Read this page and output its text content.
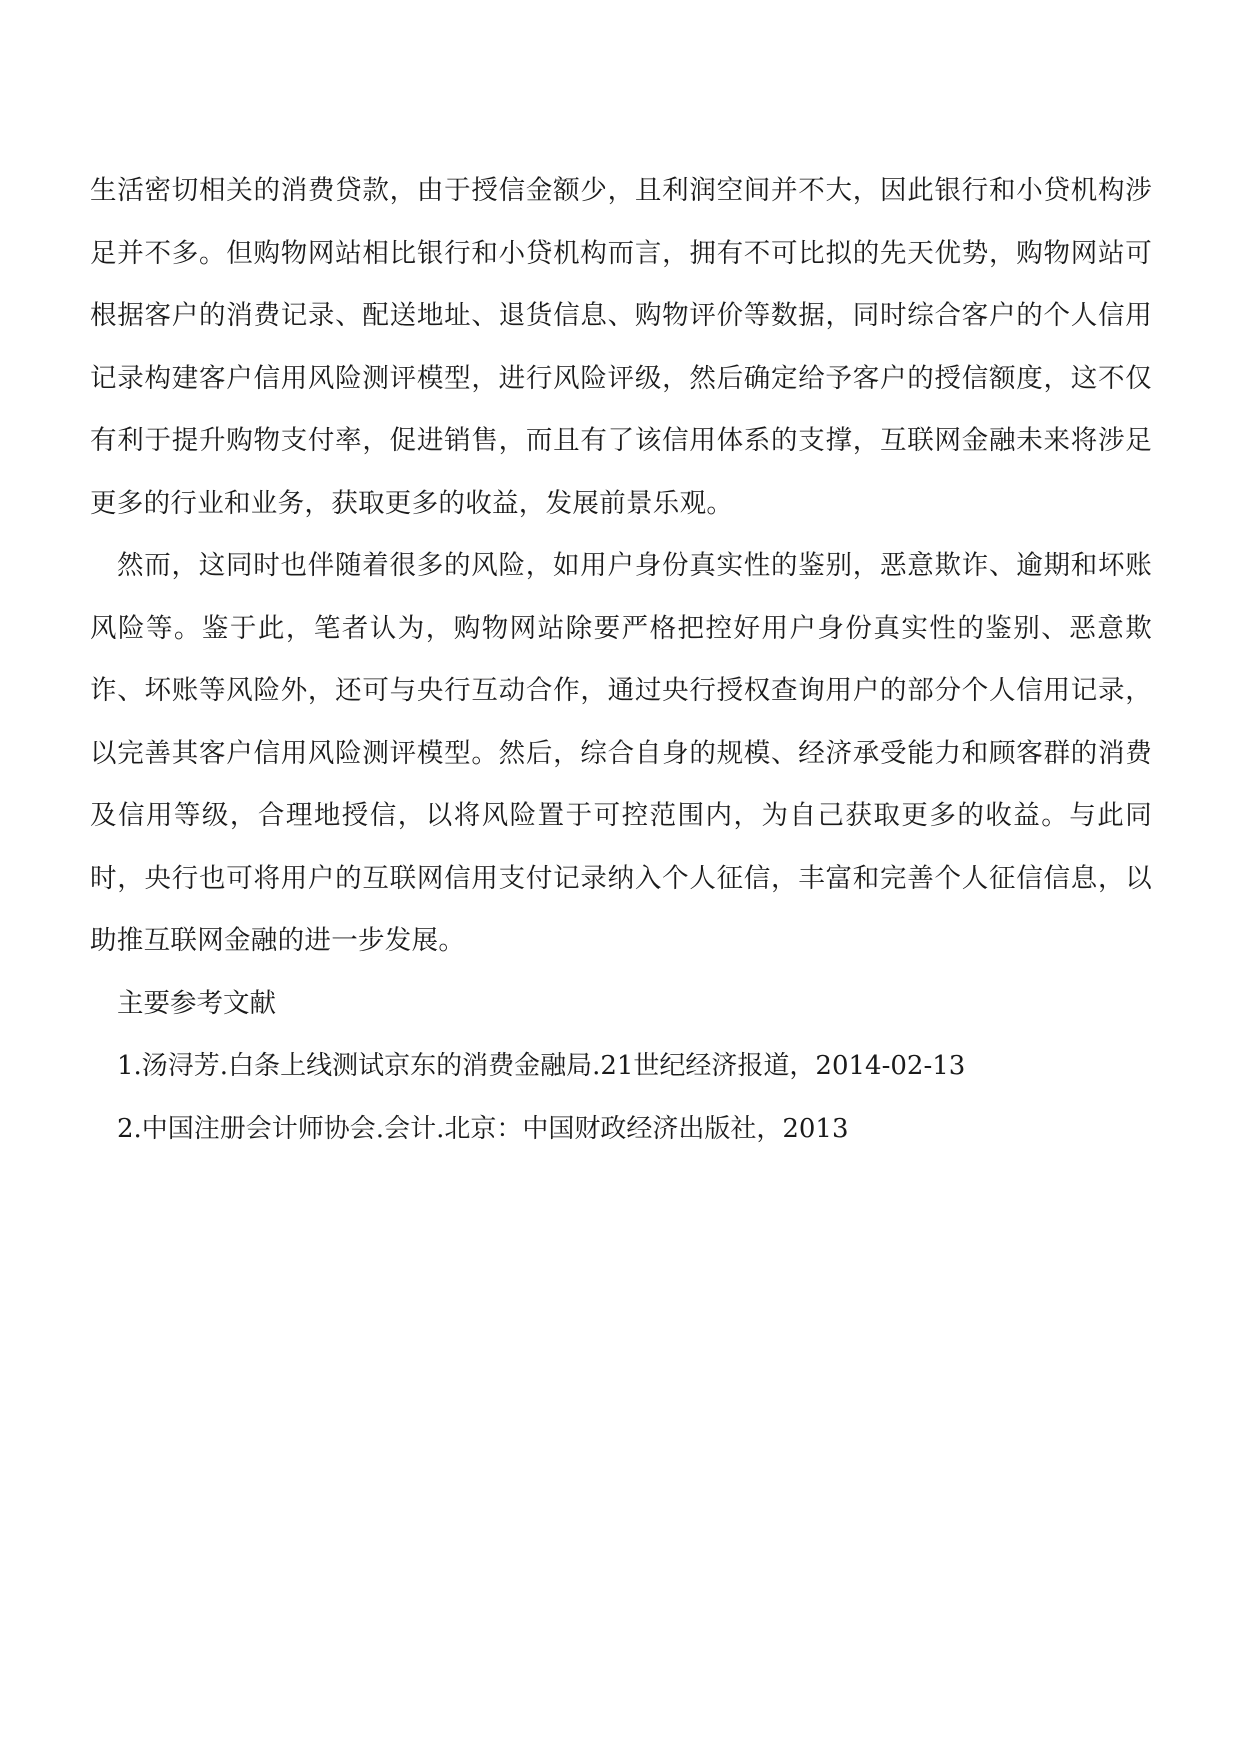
生活密切相关的消费贷款，由于授信金额少，且利润空间并不大，因此银行和小贷机构涉足并不多。但购物网站相比银行和小贷机构而言，拥有不可比拟的先天优势，购物网站可根据客户的消费记录、配送地址、退货信息、购物评价等数据，同时综合客户的个人信用记录构建客户信用风险测评模型，进行风险评级，然后确定给予客户的授信额度，这不仅有利于提升购物支付率，促进销售，而且有了该信用体系的支撑，互联网金融未来将涉足更多的行业和业务，获取更多的收益，发展前景乐观。

然而，这同时也伴随着很多的风险，如用户身份真实性的鉴别，恶意欺诈、逾期和坏账风险等。鉴于此，笔者认为，购物网站除要严格把控好用户身份真实性的鉴别、恶意欺诈、坏账等风险外，还可与央行互动合作，通过央行授权查询用户的部分个人信用记录，以完善其客户信用风险测评模型。然后，综合自身的规模、经济承受能力和顾客群的消费及信用等级，合理地授信，以将风险置于可控范围内，为自己获取更多的收益。与此同时，央行也可将用户的互联网信用支付记录纳入个人征信，丰富和完善个人征信信息，以助推互联网金融的进一步发展。

主要参考文献

1.汤浔芳.白条上线测试京东的消费金融局.21世纪经济报道，2014-02-13
2.中国注册会计师协会.会计.北京：中国财政经济出版社，2013
